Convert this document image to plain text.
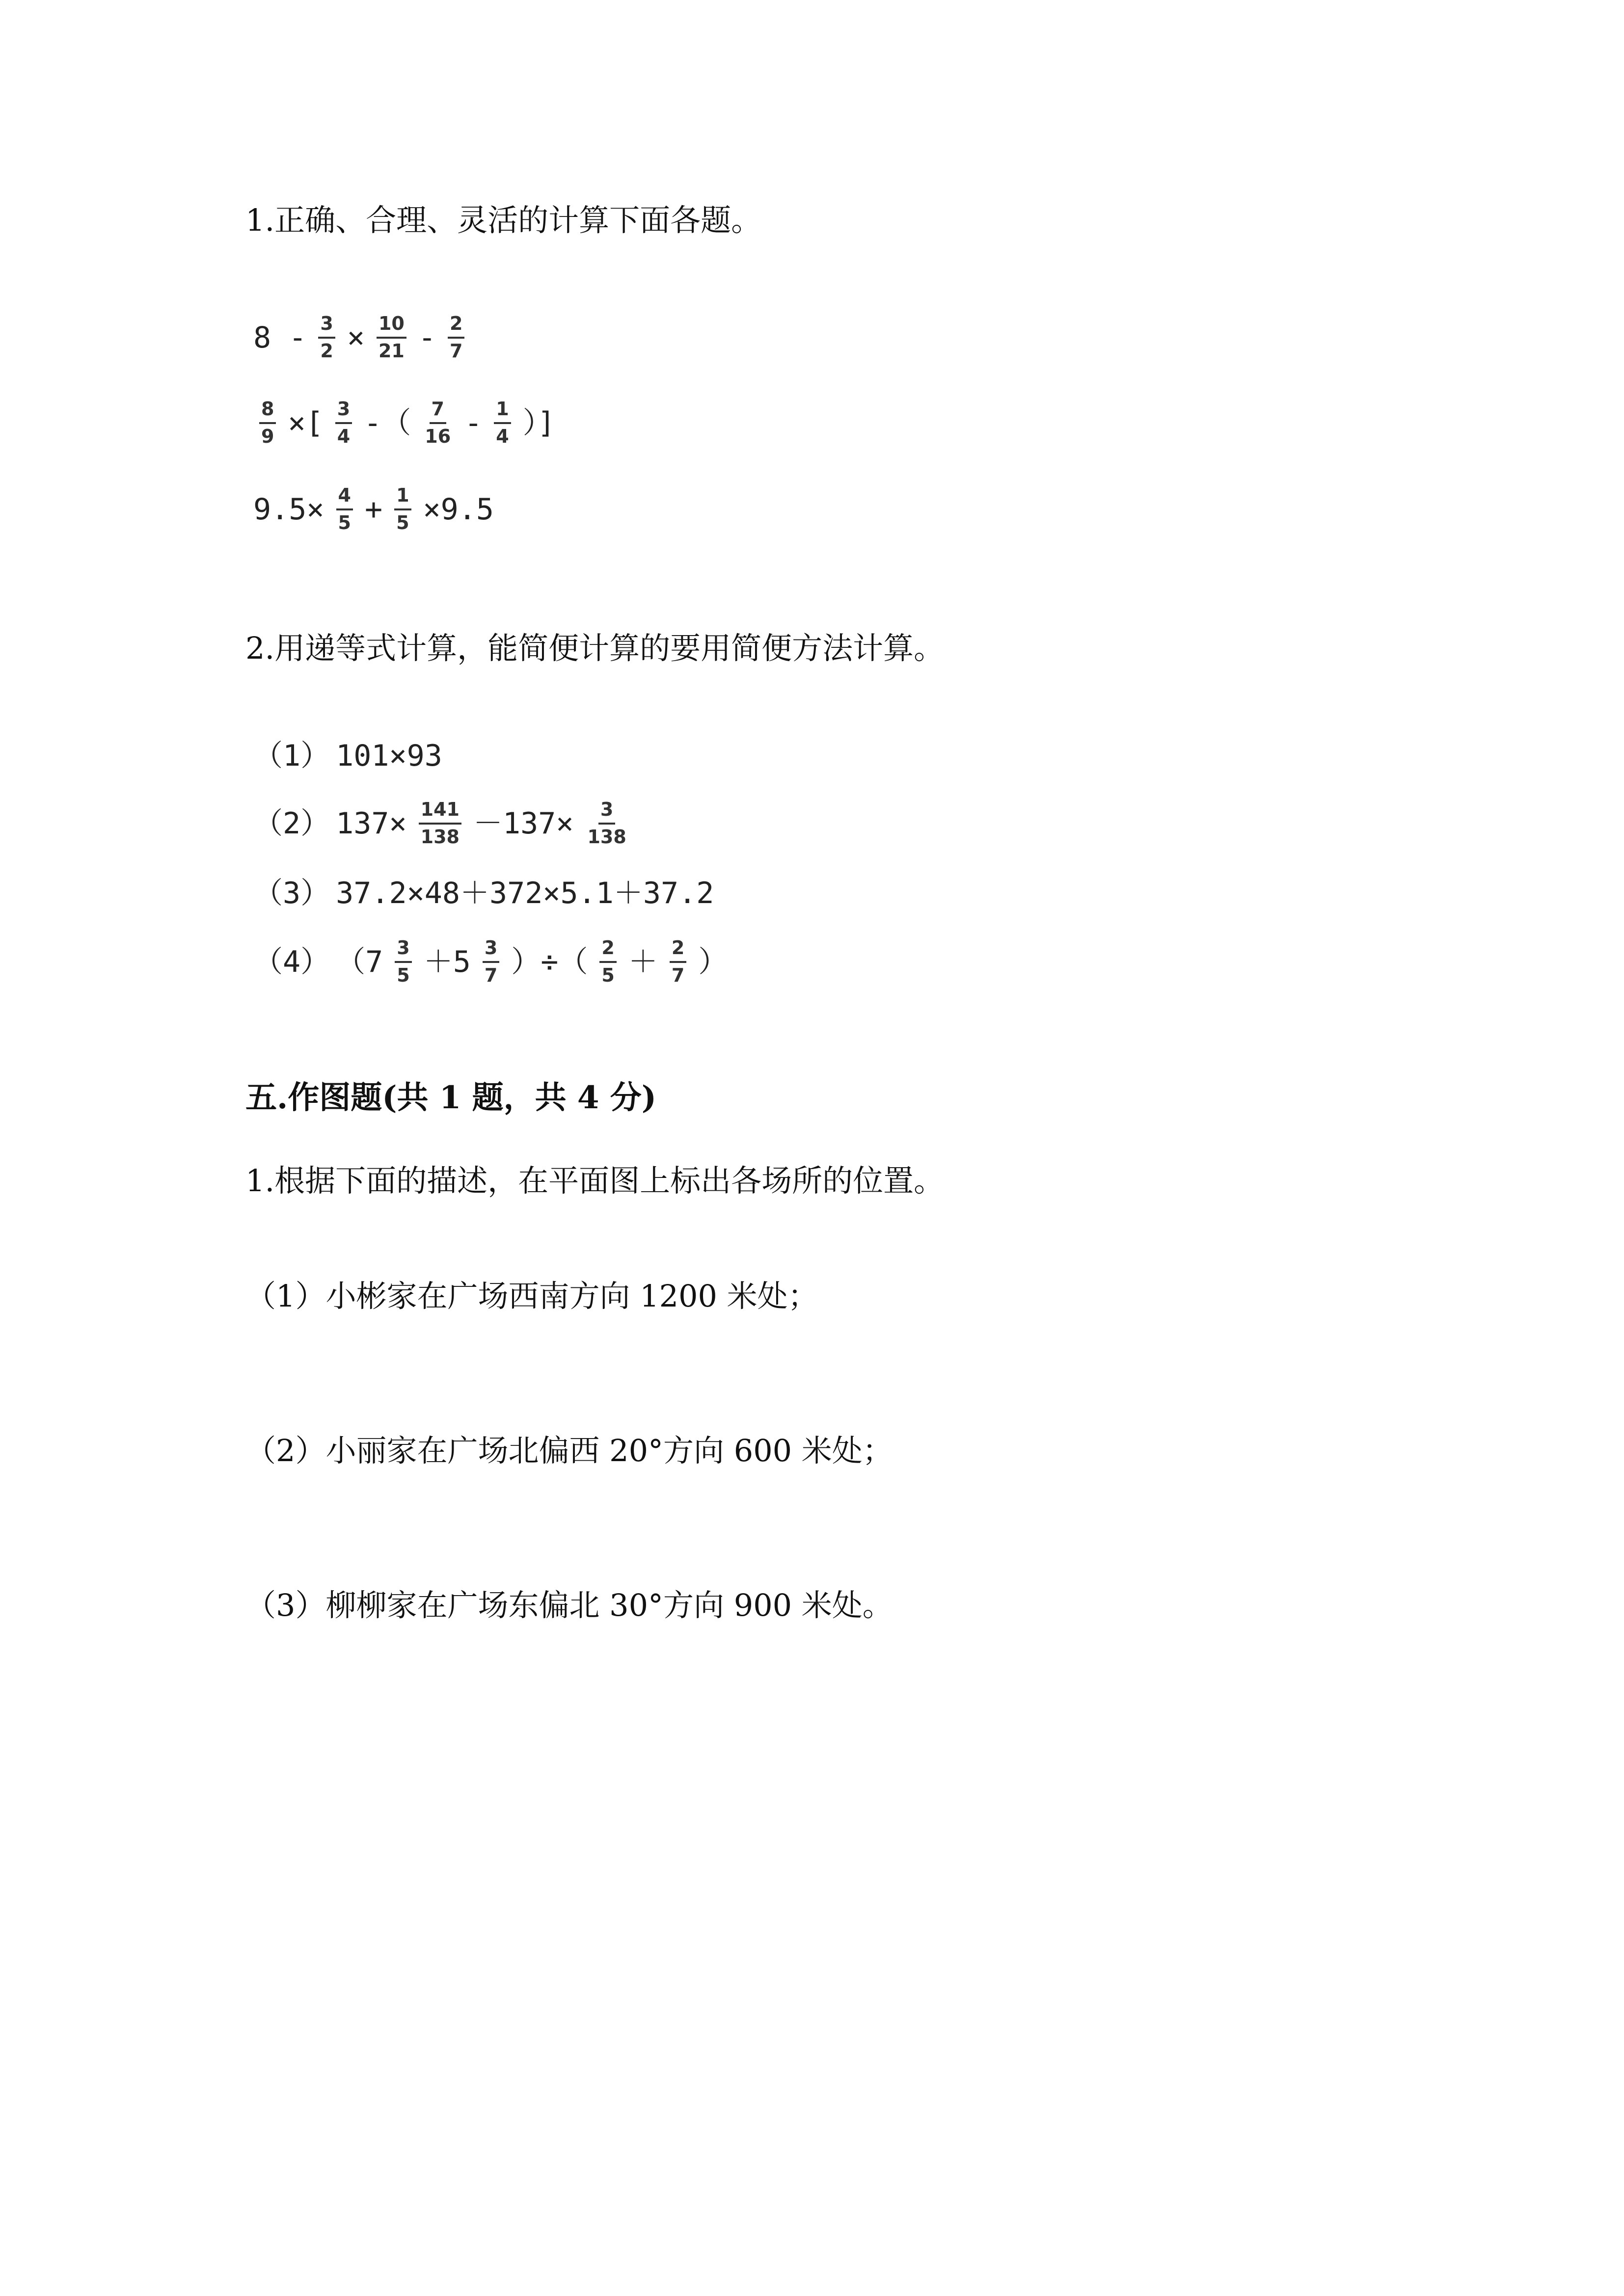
1.正确、合理、灵活的计算下面各题。
$8 - \frac{3}{2} \times \frac{10}{21} - \frac{2}{7}$
$\frac{8}{9}$ ×[ $\frac{3}{4}$ -（ $\frac{7}{16} - \frac{1}{4}$ ）]
$9.5\times \frac{4}{5} + \frac{1}{5} \times 9.5$
2.用递等式计算，能简便计算的要用简便方法计算。
（1） 101×93
（2） $137\times \frac{141}{138} -137\times \frac{3}{138}$
（3） 37.2×48＋372×5.1＋37.2
（4） （$7 \frac{3}{5} +5 \frac{3}{7}$ ）÷（ $\frac{2}{5} + \frac{2}{7}$ ）
五.作图题(共 1 题，共 4 分)
1.根据下面的描述，在平面图上标出各场所的位置。
（1）小彬家在广场西南方向 1200 米处；
（2）小丽家在广场北偏西 20°方向 600 米处；
（3）柳柳家在广场东偏北 30°方向 900 米处。
